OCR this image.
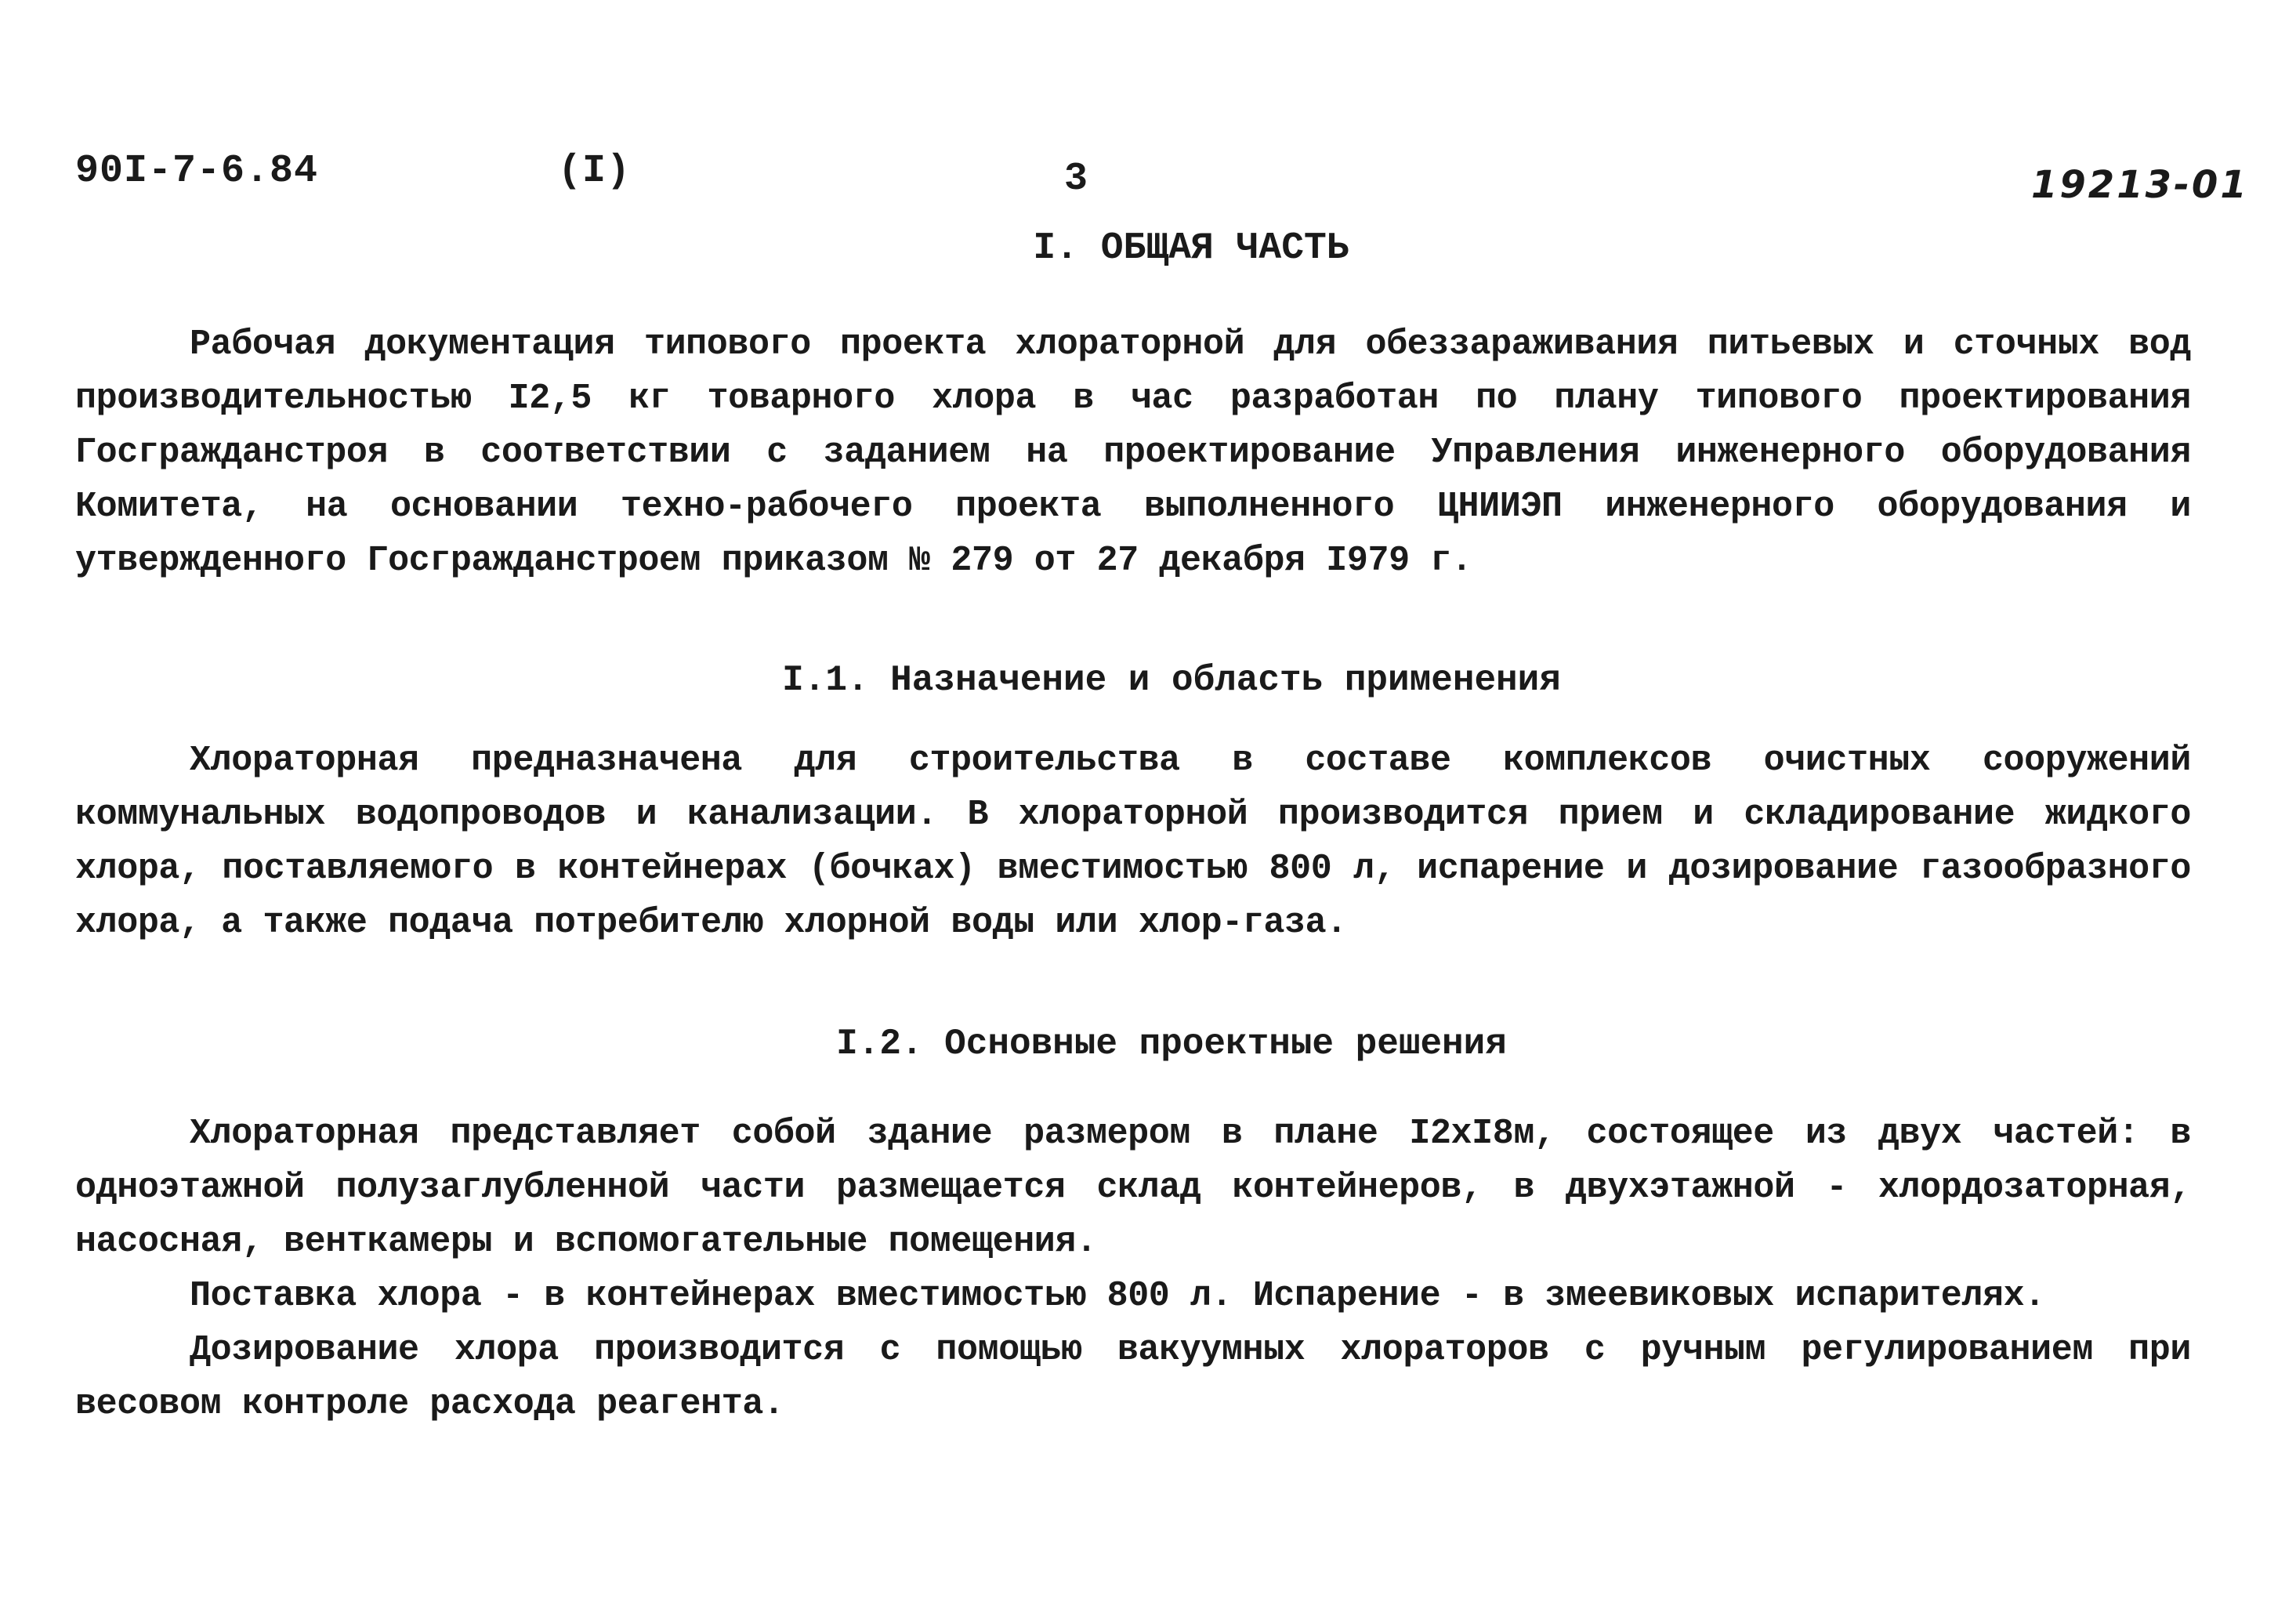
90I-7-6.84	(I)	3	19213-01
I. ОБЩАЯ ЧАСТЬ

Рабочая документация типового проекта хлораторной для обеззараживания питьевых и сточных вод производительностью I2,5 кг товарного хлора в час разработан по плану типового проектирования Госгражданстроя в соответствии с заданием на проектирование Управления инженерного оборудования Комитета, на основании техно-рабочего проекта выполненного ЦНИИЭП инженерного оборудования и утвержденного Госгражданстроем приказом № 279 от 27 декабря I979 г.

I.1. Назначение и область применения

Хлораторная предназначена для строительства в составе комплексов очистных сооружений коммунальных водопроводов и канализации. В хлораторной производится прием и складирование жидкого хлора, поставляемого в контейнерах (бочках) вместимостью 800 л, испарение и дозирование газообразного хлора, а также подача потребителю хлорной воды или хлор-газа.

I.2. Основные проектные решения

Хлораторная представляет собой здание размером в плане I2xI8м, состоящее из двух частей: в одноэтажной полузаглубленной части размещается склад контейнеров, в двухэтажной - хлордозаторная, насосная, венткамеры и вспомогательные помещения.

Поставка хлора - в контейнерах вместимостью 800 л. Испарение - в змеевиковых испарителях.

Дозирование хлора производится с помощью вакуумных хлораторов с ручным регулированием при весовом контроле расхода реагента.
